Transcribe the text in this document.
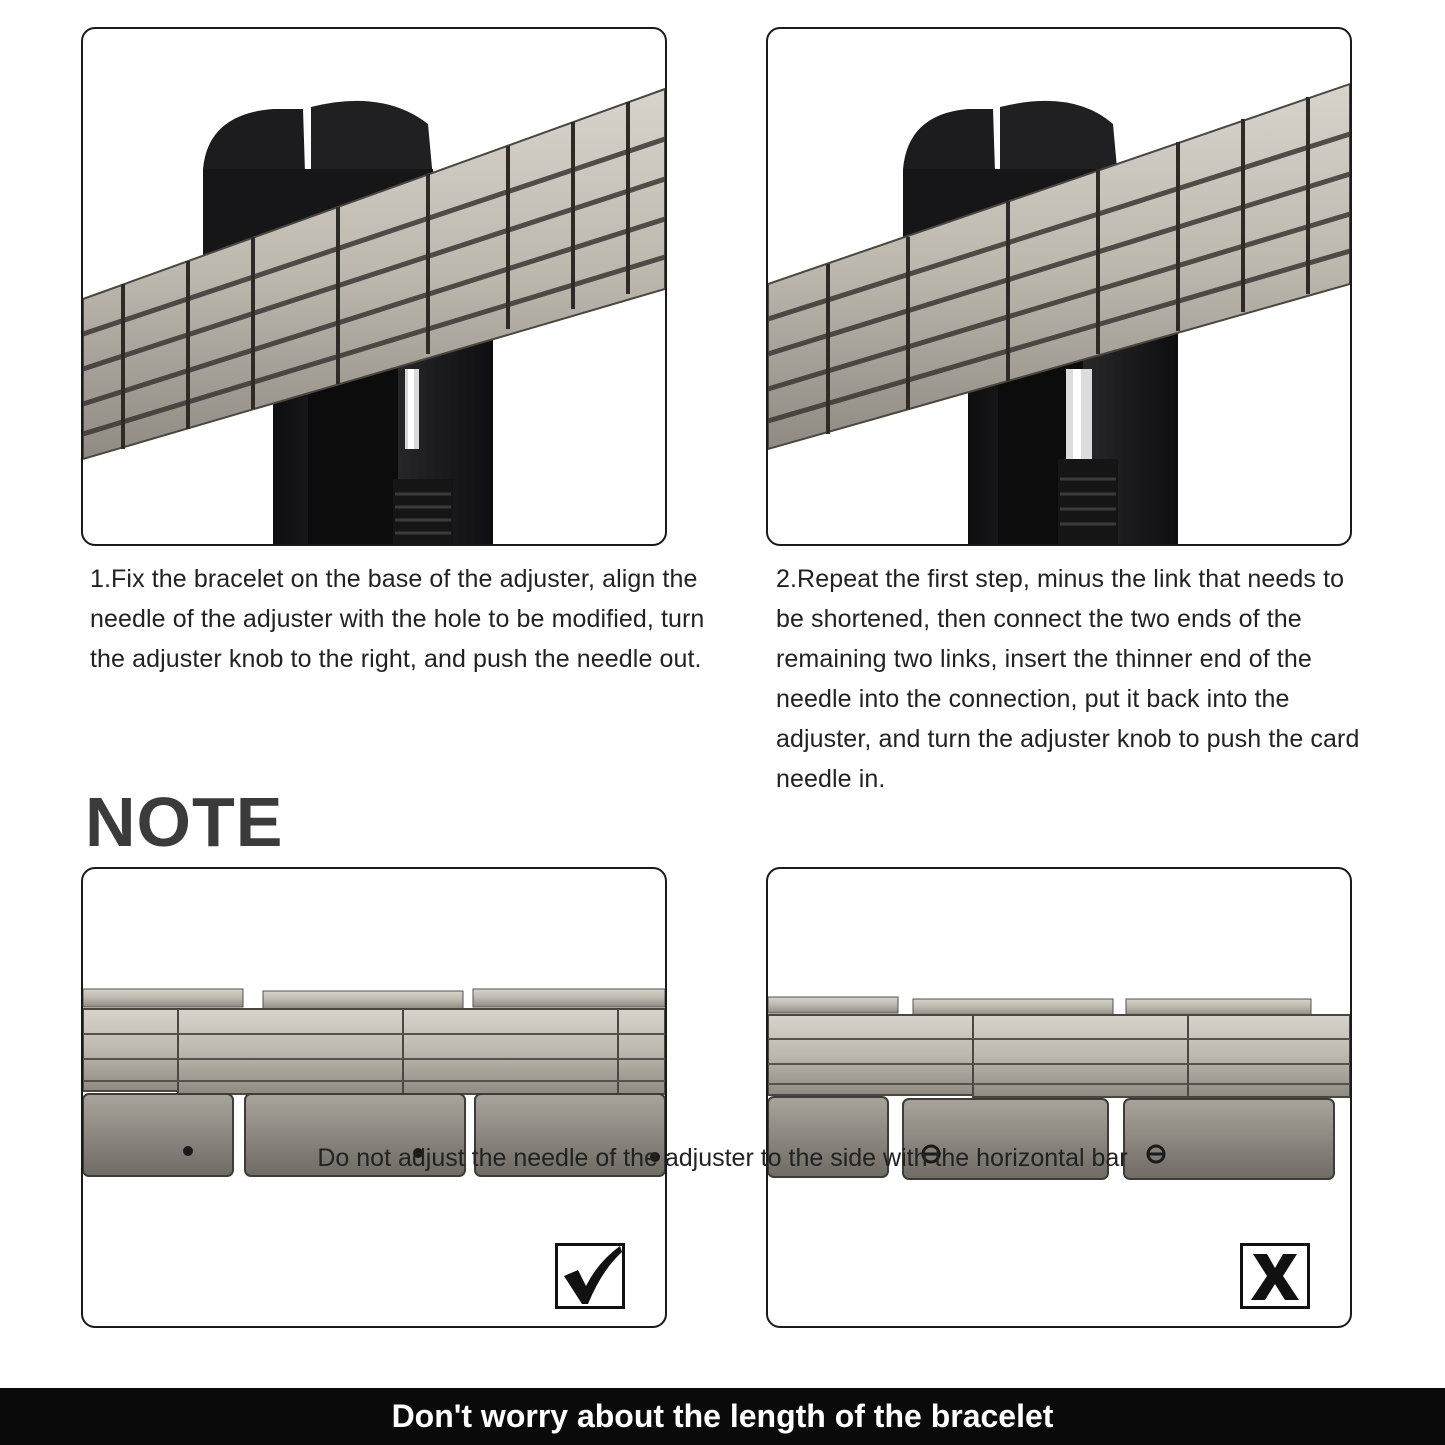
1.Fix the bracelet on the base of the adjuster, align the needle of the adjuster with the hole to be modified, turn the adjuster knob to the right, and push the needle out.

2.Repeat the first step, minus the link that needs to be shortened, then connect the two ends of the remaining two links, insert the thinner end of the needle into the connection, put it back into the adjuster, and turn the adjuster knob to push the card needle in.

NOTE

Do not adjust the needle of the adjuster to the side with the horizontal bar

Don't worry about the length of the bracelet
